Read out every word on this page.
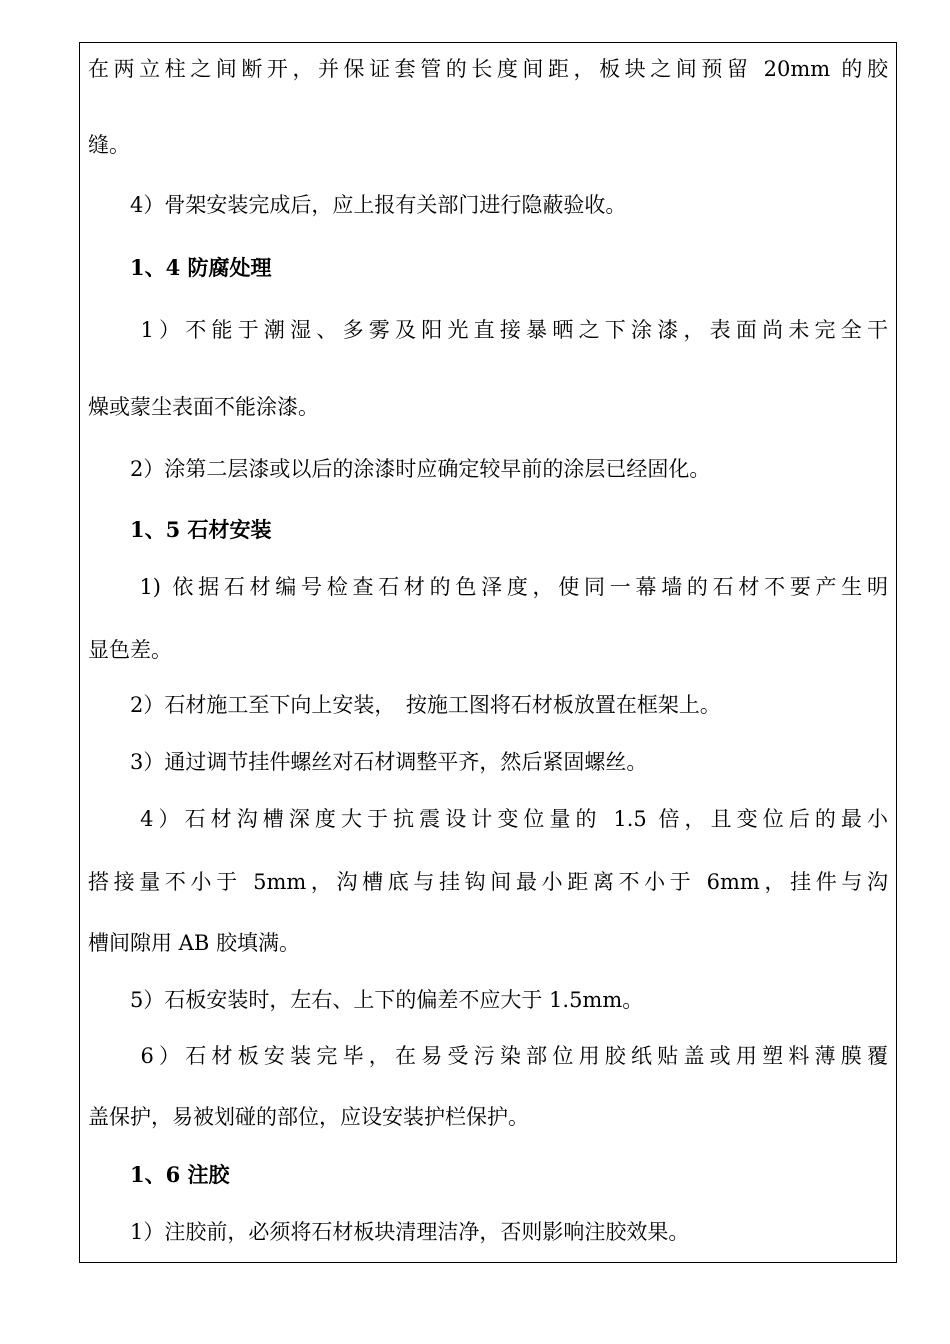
在两立柱之间断开，并保证套管的长度间距，板块之间预留 20mm 的胶
缝。
　　4）骨架安装完成后，应上报有关部门进行隐蔽验收。
　　1、4 防腐处理
　　1）不能于潮湿、多雾及阳光直接暴晒之下涂漆，表面尚未完全干
燥或蒙尘表面不能涂漆。
　　2）涂第二层漆或以后的涂漆时应确定较早前的涂层已经固化。
　　1、5 石材安装
　　1) 依据石材编号检查石材的色泽度，使同一幕墙的石材不要产生明
显色差。
　　2）石材施工至下向上安装，　按施工图将石材板放置在框架上。
　　3）通过调节挂件螺丝对石材调整平齐，然后紧固螺丝。
　　4）石材沟槽深度大于抗震设计变位量的 1.5 倍，且变位后的最小
搭接量不小于 5mm，沟槽底与挂钩间最小距离不小于 6mm，挂件与沟
槽间隙用 AB 胶填满。
　　5）石板安装时，左右、上下的偏差不应大于 1.5mm。
　　6）石材板安装完毕，在易受污染部位用胶纸贴盖或用塑料薄膜覆
盖保护，易被划碰的部位，应设安装护栏保护。
　　1、6 注胶
　　1）注胶前，必须将石材板块清理洁净，否则影响注胶效果。
